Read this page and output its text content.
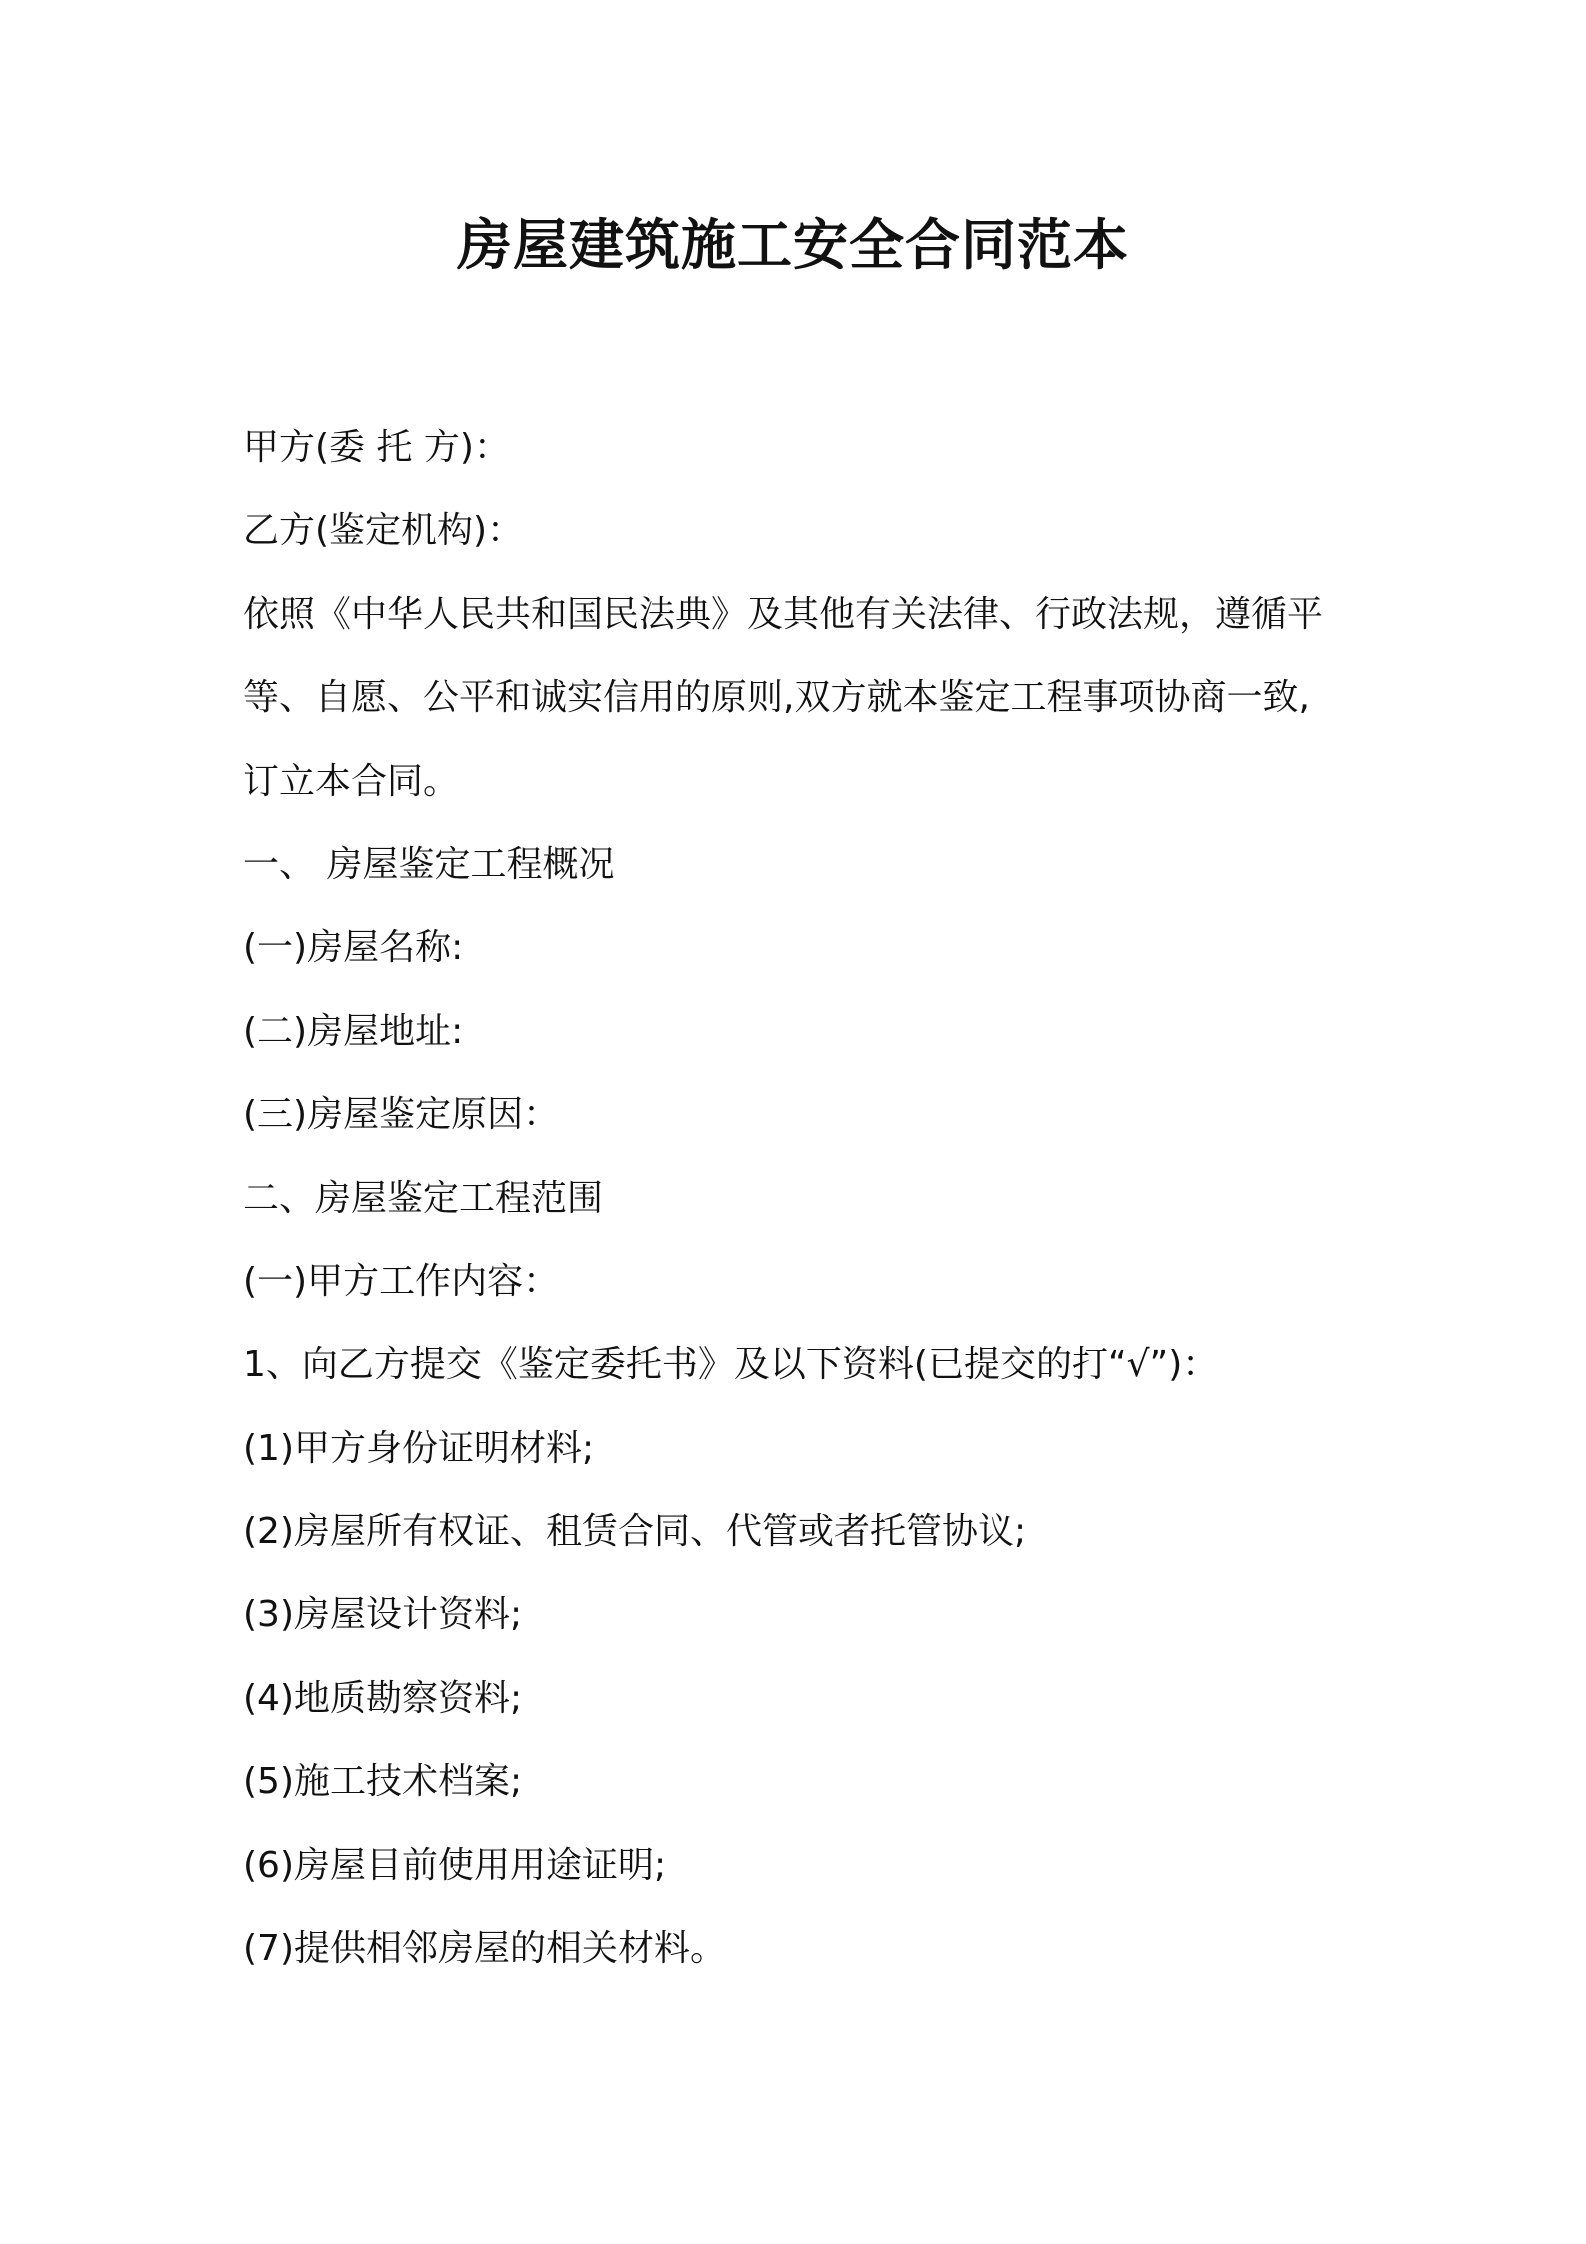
房屋建筑施工安全合同范本
甲方(委 托 方)：
乙方(鉴定机构)：
依照《中华人民共和国民法典》及其他有关法律、行政法规，遵循平
等、自愿、公平和诚实信用的原则,双方就本鉴定工程事项协商一致,
订立本合同。
一、 房屋鉴定工程概况
(一)房屋名称:
(二)房屋地址:
(三)房屋鉴定原因：
二、房屋鉴定工程范围
(一)甲方工作内容：
1、向乙方提交《鉴定委托书》及以下资料(已提交的打“√”)：
(1)甲方身份证明材料;
(2)房屋所有权证、租赁合同、代管或者托管协议;
(3)房屋设计资料;
(4)地质勘察资料;
(5)施工技术档案;
(6)房屋目前使用用途证明;
(7)提供相邻房屋的相关材料。
